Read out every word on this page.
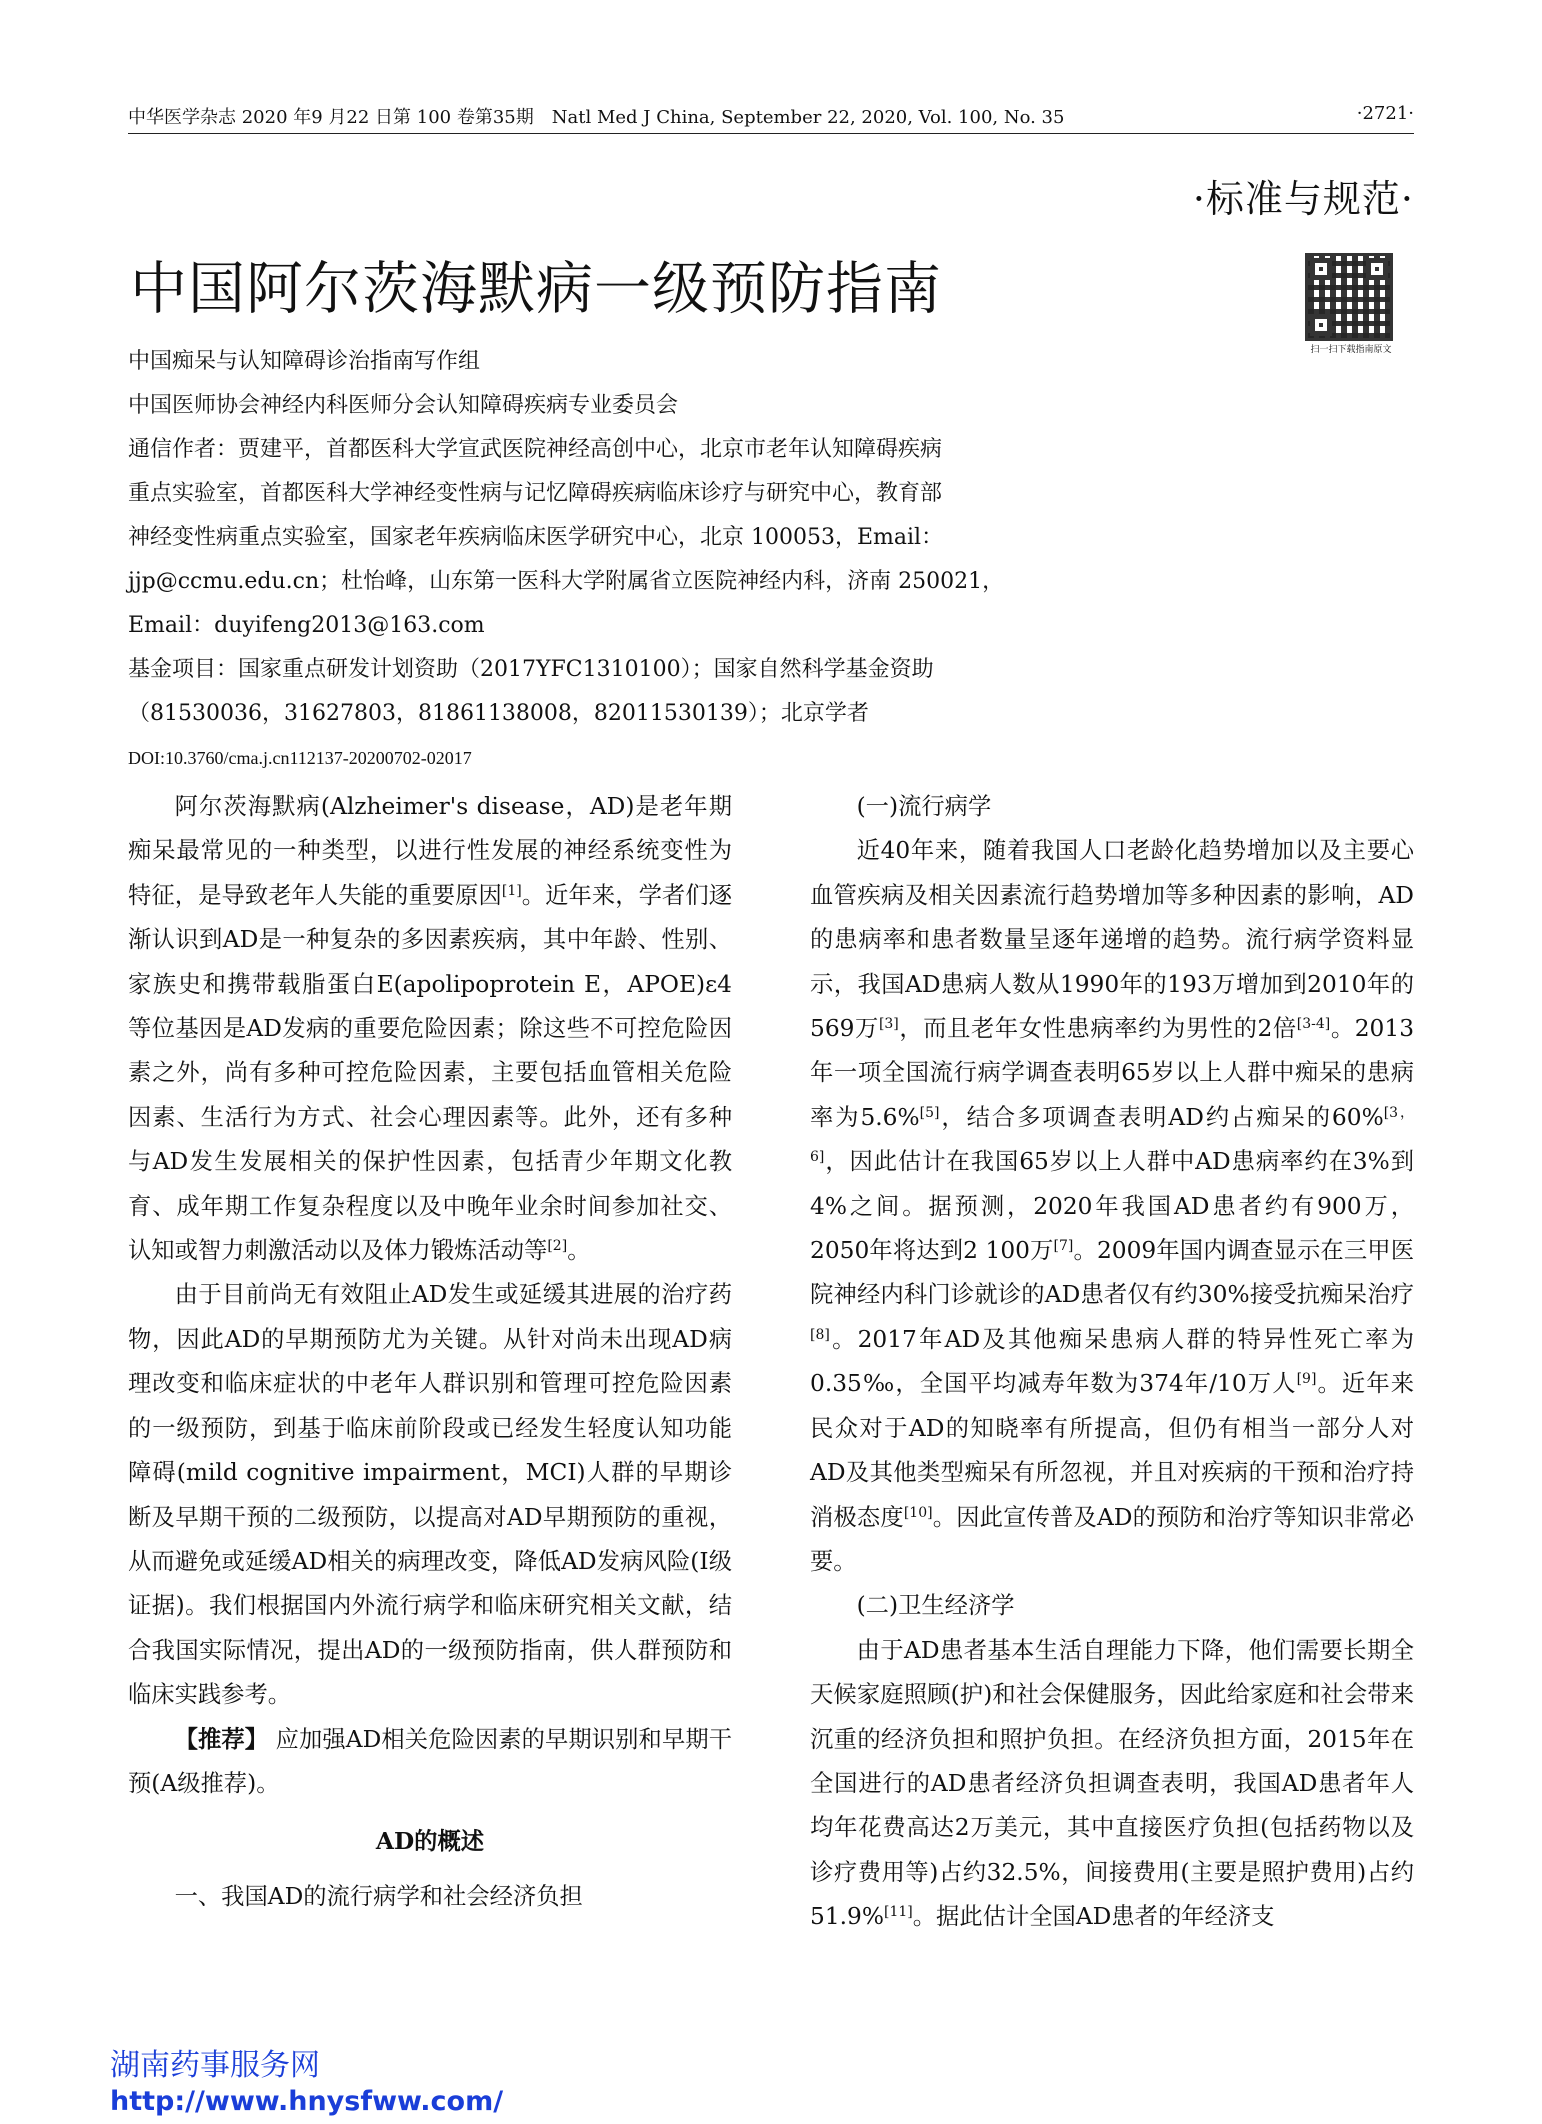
中华医学杂志 2020 年9 月22 日第 100 卷第35期　Natl Med J China, September 22, 2020, Vol. 100, No. 35	·2721·
·标准与规范·
中国阿尔茨海默病一级预防指南
扫一扫下载指南原文
中国痴呆与认知障碍诊治指南写作组
中国医师协会神经内科医师分会认知障碍疾病专业委员会
通信作者：贾建平，首都医科大学宣武医院神经高创中心，北京市老年认知障碍疾病
重点实验室，首都医科大学神经变性病与记忆障碍疾病临床诊疗与研究中心，教育部
神经变性病重点实验室，国家老年疾病临床医学研究中心，北京 100053，Email：
jjp@ccmu.edu.cn；杜怡峰，山东第一医科大学附属省立医院神经内科，济南 250021，
Email：duyifeng2013@163.com
基金项目：国家重点研发计划资助（2017YFC1310100）；国家自然科学基金资助
（81530036，31627803，81861138008，82011530139）；北京学者
DOI:10.3760/cma.j.cn112137-20200702-02017

阿尔茨海默病(Alzheimer's disease，AD)是老年期痴呆最常见的一种类型，以进行性发展的神经系统变性为特征，是导致老年人失能的重要原因[1]。近年来，学者们逐渐认识到AD是一种复杂的多因素疾病，其中年龄、性别、家族史和携带载脂蛋白E(apolipoprotein E，APOE)ε4等位基因是AD发病的重要危险因素；除这些不可控危险因素之外，尚有多种可控危险因素，主要包括血管相关危险因素、生活行为方式、社会心理因素等。此外，还有多种与AD发生发展相关的保护性因素，包括青少年期文化教育、成年期工作复杂程度以及中晚年业余时间参加社交、认知或智力刺激活动以及体力锻炼活动等[2]。

由于目前尚无有效阻止AD发生或延缓其进展的治疗药物，因此AD的早期预防尤为关键。从针对尚未出现AD病理改变和临床症状的中老年人群识别和管理可控危险因素的一级预防，到基于临床前阶段或已经发生轻度认知功能障碍(mild cognitive impairment，MCI)人群的早期诊断及早期干预的二级预防，以提高对AD早期预防的重视，从而避免或延缓AD相关的病理改变，降低AD发病风险(Ⅰ级证据)。我们根据国内外流行病学和临床研究相关文献，结合我国实际情况，提出AD的一级预防指南，供人群预防和临床实践参考。

【推荐】 应加强AD相关危险因素的早期识别和早期干预(A级推荐)。

AD的概述

一、我国AD的流行病学和社会经济负担

(一)流行病学

近40年来，随着我国人口老龄化趋势增加以及主要心血管疾病及相关因素流行趋势增加等多种因素的影响，AD的患病率和患者数量呈逐年递增的趋势。流行病学资料显示，我国AD患病人数从1990年的193万增加到2010年的569万[3]，而且老年女性患病率约为男性的2倍[3-4]。2013年一项全国流行病学调查表明65岁以上人群中痴呆的患病率为5.6%[5]，结合多项调查表明AD约占痴呆的60%[3，6]，因此估计在我国65岁以上人群中AD患病率约在3%到4%之间。据预测，2020年我国AD患者约有900万，2050年将达到2 100万[7]。2009年国内调查显示在三甲医院神经内科门诊就诊的AD患者仅有约30%接受抗痴呆治疗[8]。2017年AD及其他痴呆患病人群的特异性死亡率为0.35‰，全国平均减寿年数为374年/10万人[9]。近年来民众对于AD的知晓率有所提高，但仍有相当一部分人对AD及其他类型痴呆有所忽视，并且对疾病的干预和治疗持消极态度[10]。因此宣传普及AD的预防和治疗等知识非常必要。

(二)卫生经济学

由于AD患者基本生活自理能力下降，他们需要长期全天候家庭照顾(护)和社会保健服务，因此给家庭和社会带来沉重的经济负担和照护负担。在经济负担方面，2015年在全国进行的AD患者经济负担调查表明，我国AD患者年人均年花费高达2万美元，其中直接医疗负担(包括药物以及诊疗费用等)占约32.5%，间接费用(主要是照护费用)占约51.9%[11]。据此估计全国AD患者的年经济支

湖南药事服务网
http://www.hnysfww.com/
